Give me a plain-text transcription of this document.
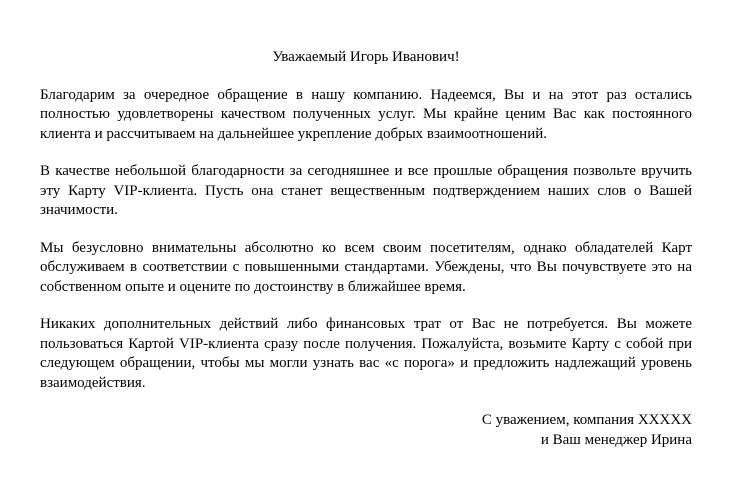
Уважаемый Игорь Иванович!

Благодарим за очередное обращение в нашу компанию. Надеемся, Вы и на этот раз остались полностью удовлетворены качеством полученных услуг. Мы крайне ценим Вас как постоянного клиента и рассчитываем на дальнейшее укрепление добрых взаимоотношений.

В качестве небольшой благодарности за сегодняшнее и все прошлые обращения позвольте вручить эту Карту VIP-клиента. Пусть она станет вещественным подтверждением наших слов о Вашей значимости.

Мы безусловно внимательны абсолютно ко всем своим посетителям, однако обладателей Карт обслуживаем в соответствии с повышенными стандартами. Убеждены, что Вы почувствуете это на собственном опыте и оцените по достоинству в ближайшее время.

Никаких дополнительных действий либо финансовых трат от Вас не потребуется. Вы можете пользоваться Картой VIP-клиента сразу после получения. Пожалуйста, возьмите Карту с собой при следующем обращении, чтобы мы могли узнать вас «с порога» и предложить надлежащий уровень взаимодействия.

С уважением, компания XXXXX
и Ваш менеджер Ирина
